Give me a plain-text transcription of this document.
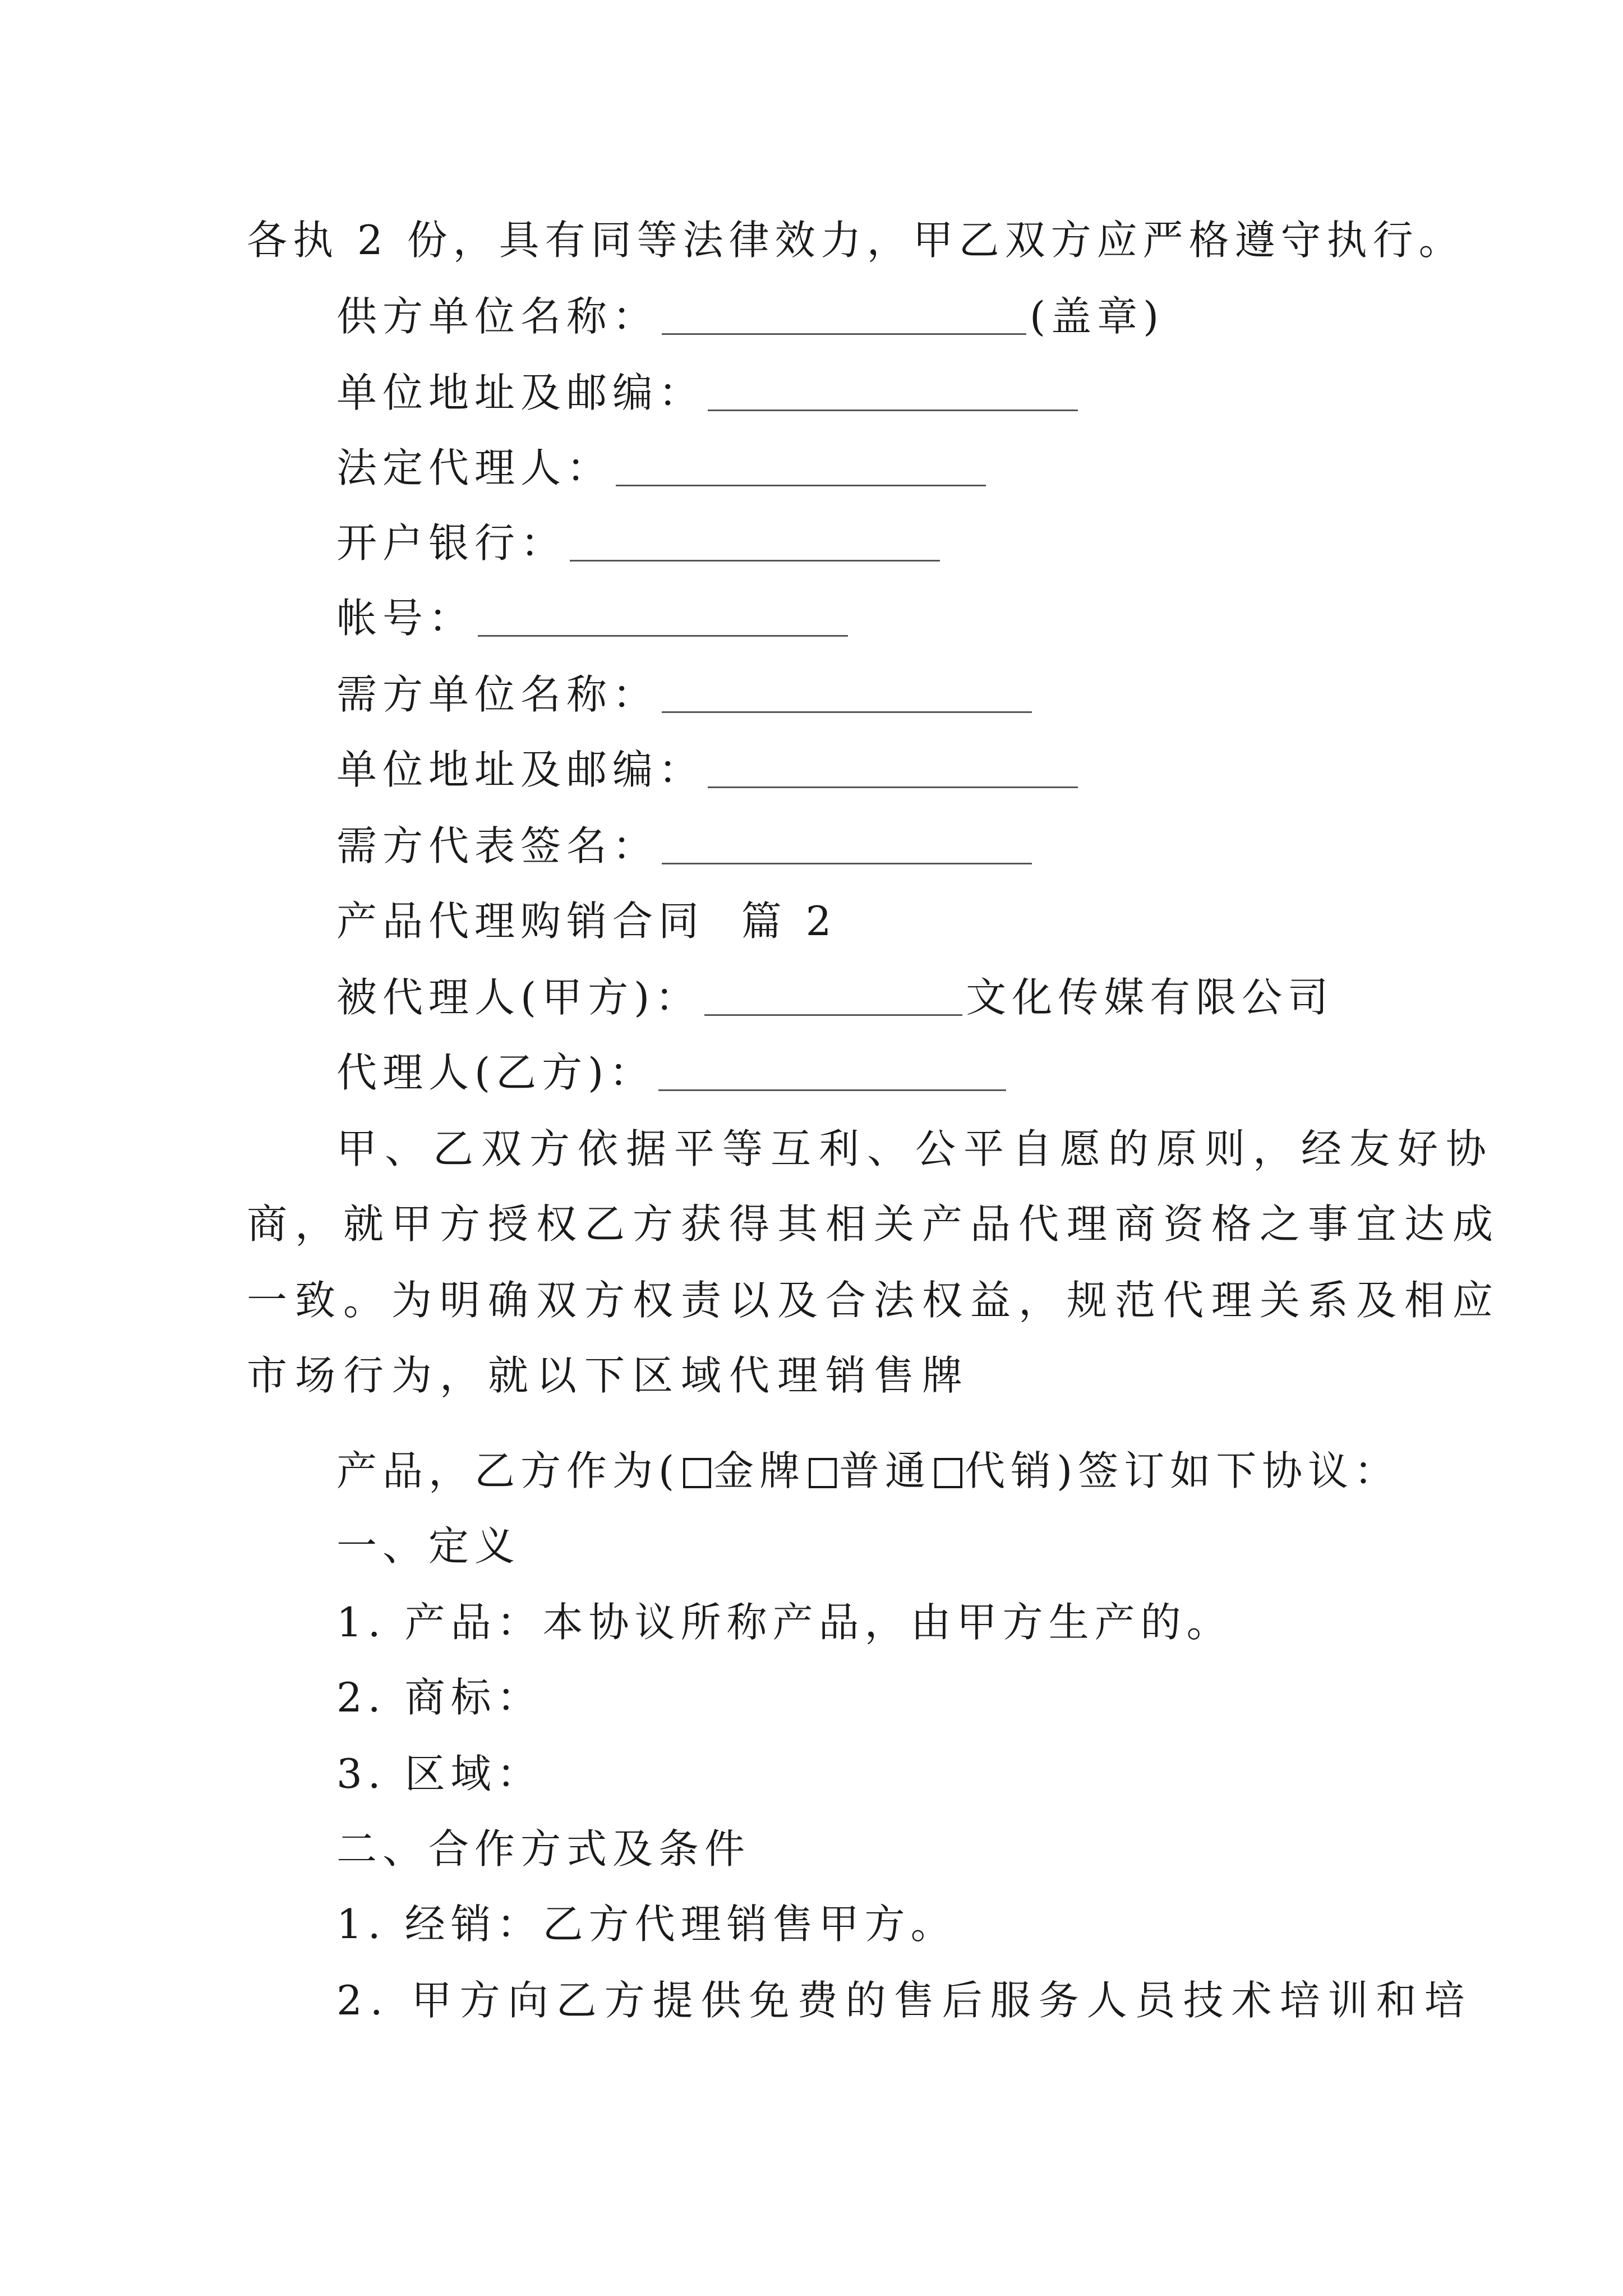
各执 2 份，具有同等法律效力，甲乙双方应严格遵守执行。
供方单位名称：	(盖章)
单位地址及邮编：
法定代理人：
开户银行：
帐号：
需方单位名称：
单位地址及邮编：
需方代表签名：
产品代理购销合同  篇 2
被代理人(甲方)：	文化传媒有限公司
代理人(乙方)：
甲、乙双方依据平等互利、公平自愿的原则，经友好协
商，就甲方授权乙方获得其相关产品代理商资格之事宜达成
一致。为明确双方权责以及合法权益，规范代理关系及相应
市场行为，就以下区域代理销售牌
产品，乙方作为( 金牌 普通 代销)签订如下协议：
一、定义
1. 产品：本协议所称产品，由甲方生产的。
2. 商标：
3. 区域：
二、合作方式及条件
1. 经销：乙方代理销售甲方。
2. 甲方向乙方提供免费的售后服务人员技术培训和培
